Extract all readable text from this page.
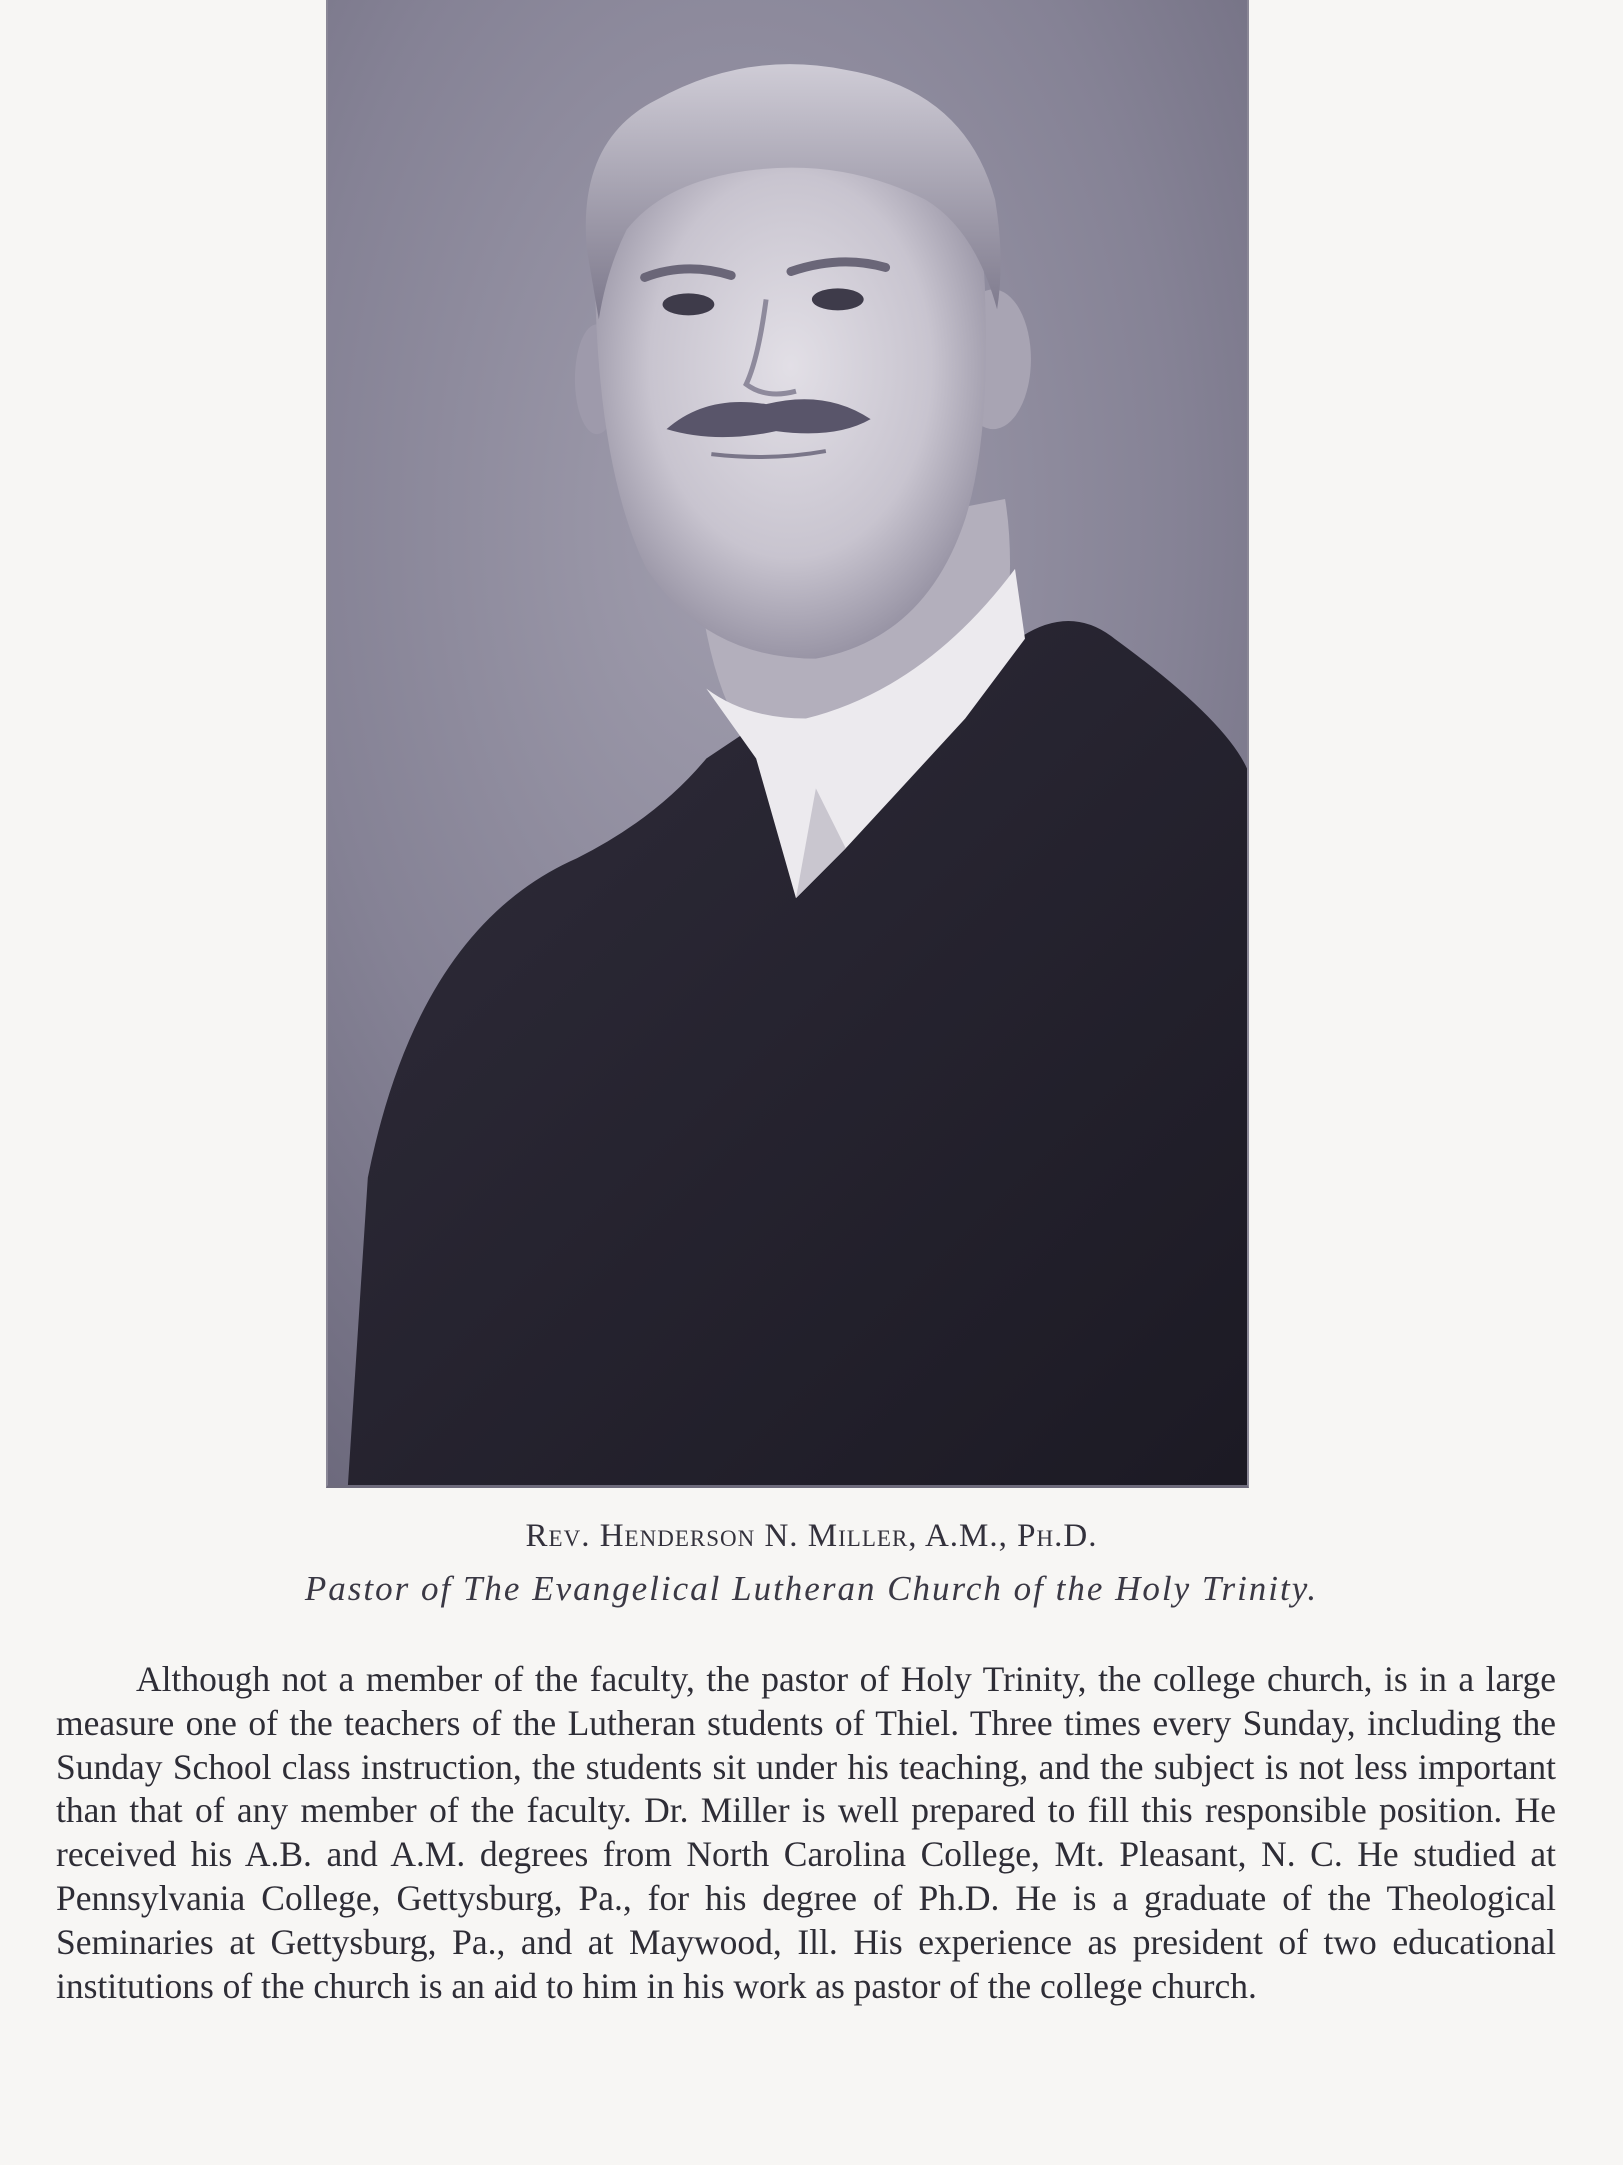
Rev. Henderson N. Miller, A.M., Ph.D.
Pastor of The Evangelical Lutheran Church of the Holy Trinity.

Although not a member of the faculty, the pastor of Holy Trinity, the college church, is in a large measure one of the teachers of the Lutheran students of Thiel. Three times every Sunday, including the Sunday School class instruction, the students sit under his teaching, and the subject is not less important than that of any member of the faculty. Dr. Miller is well prepared to fill this responsible position. He received his A.B. and A.M. degrees from North Carolina College, Mt. Pleasant, N. C. He studied at Pennsylvania College, Gettysburg, Pa., for his degree of Ph.D. He is a graduate of the Theological Seminaries at Gettysburg, Pa., and at Maywood, Ill. His experience as president of two educational institutions of the church is an aid to him in his work as pastor of the college church.
